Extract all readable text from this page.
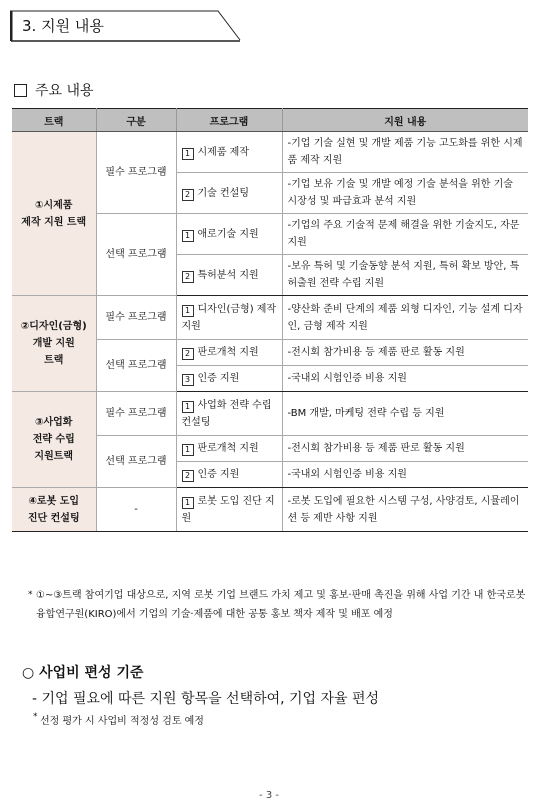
3. 지원 내용
주요 내용
트랙	구분	프로그램	지원 내용

①시제품
제작 지원 트랙	필수 프로그램	1 시제품 제작	-기업 기술 실현 및 개발 제품 기능 고도화를 위한 시제품 제작 지원
		2 기술 컨설팅	-기업 보유 기술 및 개발 예정 기술 분석을 위한 기술 시장성 및 파급효과 분석 지원
	선택 프로그램	1 애로기술 지원	-기업의 주요 기술적 문제 해결을 위한 기술지도, 자문 지원
		2 특허분석 지원	-보유 특허 및 기술동향 분석 지원, 특허 확보 방안, 특허출원 전략 수립 지원

②디자인(금형)
개발 지원
트랙	필수 프로그램	1 디자인(금형) 제작 지원	-양산화 준비 단계의 제품 외형 디자인, 기능 설계 디자인, 금형 제작 지원
	선택 프로그램	2 판로개척 지원	-전시회 참가비용 등 제품 판로 활동 지원
		3 인증 지원	-국내외 시험인증 비용 지원

③사업화
전략 수립
지원트랙	필수 프로그램	1 사업화 전략 수립 컨설팅	-BM 개발, 마케팅 전략 수립 등 지원
	선택 프로그램	1 판로개척 지원	-전시회 참가비용 등 제품 판로 활동 지원
		2 인증 지원	-국내외 시험인증 비용 지원

④로봇 도입
진단 컨설팅	-	1 로봇 도입 진단 지원	-로봇 도입에 필요한 시스템 구성, 사양검토, 시뮬레이션 등 제반 사항 지원
* ①~③트랙 참여기업 대상으로, 지역 로봇 기업 브랜드 가치 제고 및 홍보·판매 촉진을 위해 사업 기간 내 한국로봇융합연구원(KIRO)에서 기업의 기술·제품에 대한 공통 홍보 책자 제작 및 배포 예정
○ 사업비 편성 기준
- 기업 필요에 따른 지원 항목을 선택하여, 기업 자율 편성
* 선정 평가 시 사업비 적정성 검토 예정
- 3 -
